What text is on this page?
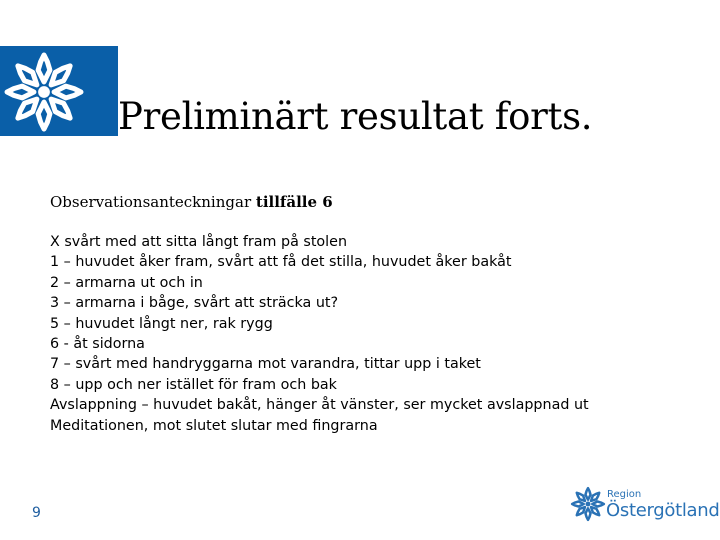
Preliminärt resultat forts.
Observationsanteckningar tillfälle 6
X svårt med att sitta långt fram på stolen
1 – huvudet åker fram, svårt att få det stilla, huvudet åker bakåt
2 – armarna ut och in
3 – armarna i båge, svårt att sträcka ut?
5 – huvudet långt ner, rak rygg
6 - åt sidorna
7 – svårt med handryggarna mot varandra, tittar upp i taket
8 – upp och ner istället för fram och bak
Avslappning – huvudet bakåt, hänger åt vänster, ser mycket avslappnad ut
Meditationen, mot slutet slutar med fingrarna
9
Region
Östergötland
